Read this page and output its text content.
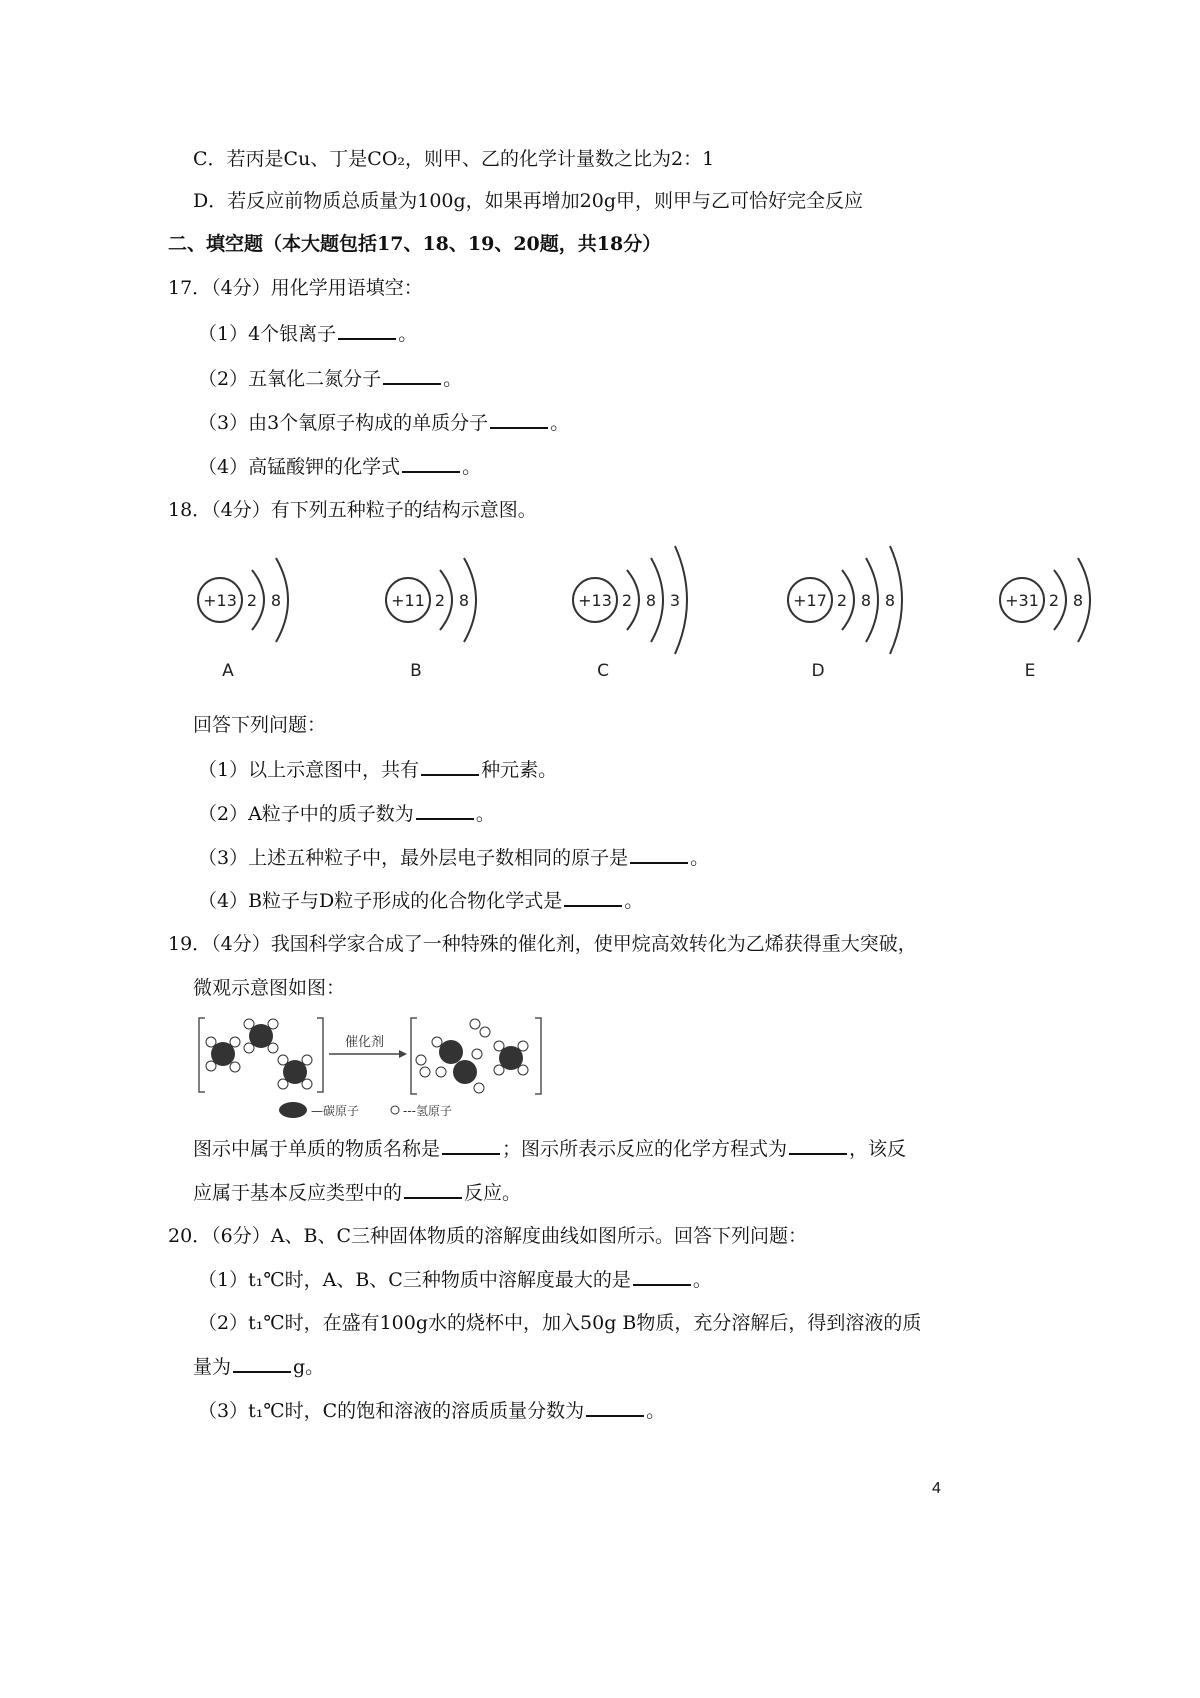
C．若丙是Cu、丁是CO₂，则甲、乙的化学计量数之比为2：1
D．若反应前物质总质量为100g，如果再增加20g甲，则甲与乙可恰好完全反应
二、填空题（本大题包括17、18、19、20题，共18分）
17．（4分）用化学用语填空：
（1）4个银离子	。
（2）五氧化二氮分子	。
（3）由3个氧原子构成的单质分子	。
（4）高锰酸钾的化学式	。
18．（4分）有下列五种粒子的结构示意图。
+13 2 8
A
+11 2 8
B
+13 2 8 3
C
+17 2 8 8
D
+31 2 8
E
回答下列问题：
（1）以上示意图中，共有	种元素。
（2）A粒子中的质子数为	。
（3）上述五种粒子中，最外层电子数相同的原子是	。
（4）B粒子与D粒子形成的化合物化学式是	。
19．（4分）我国科学家合成了一种特殊的催化剂，使甲烷高效转化为乙烯获得重大突破，
微观示意图如图：
催化剂
—碳原子	---氢原子
图示中属于单质的物质名称是	；图示所表示反应的化学方程式为	，该反
应属于基本反应类型中的	反应。
20．（6分）A、B、C三种固体物质的溶解度曲线如图所示。回答下列问题：
（1）t₁℃时，A、B、C三种物质中溶解度最大的是	。
（2）t₁℃时，在盛有100g水的烧杯中，加入50g B物质，充分溶解后，得到溶液的质
量为	g。
（3）t₁℃时，C的饱和溶液的溶质质量分数为	。
4
